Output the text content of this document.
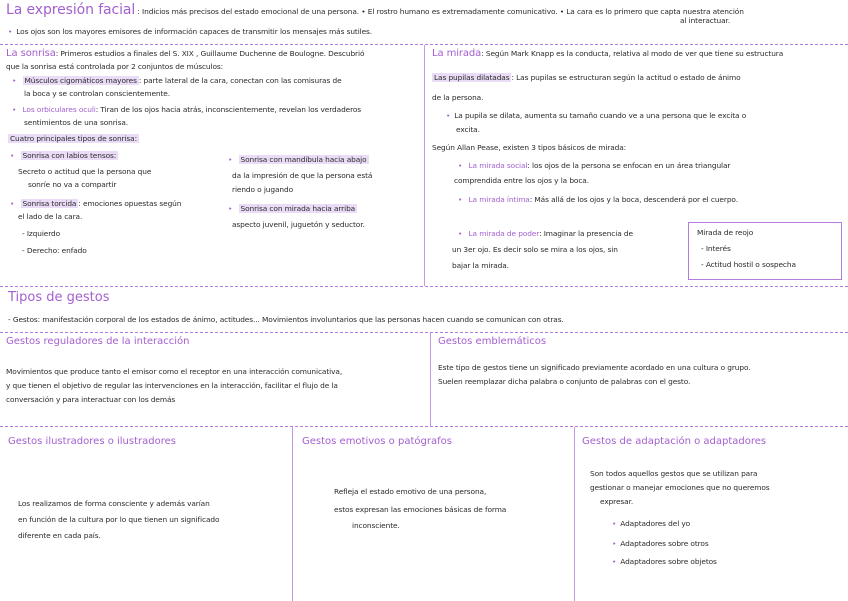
La expresión facial : Indicios más precisos del estado emocional de una persona. • El rostro humano es extremadamente comunicativo. • La cara es lo primero que capta nuestra atención
al interactuar.
• Los ojos son los mayores emisores de información capaces de transmitir los mensajes más sutiles.
La sonrisa: Primeros estudios a finales del S. XIX , Guillaume Duchenne de Boulogne. Descubrió
que la sonrisa está controlada por 2 conjuntos de músculos:
• Músculos cigomáticos mayores : parte lateral de la cara, conectan con las comisuras de
la boca y se controlan conscientemente.
• Los orbiculares oculi: Tiran de los ojos hacia atrás, inconscientemente, revelan los verdaderos
sentimientos de una sonrisa.
Cuatro principales tipos de sonrisa:
• Sonrisa con labios tensos:
Secreto o actitud que la persona que
sonríe no va a compartir
• Sonrisa torcida : emociones opuestas según
el lado de la cara.
- Izquierdo
- Derecho: enfado
• Sonrisa con mandíbula hacia abajo
da la impresión de que la persona está
riendo o jugando
• Sonrisa con mirada hacia arriba
aspecto juvenil, juguetón y seductor.
La mirada: Según Mark Knapp es la conducta, relativa al modo de ver que tiene su estructura
Las pupilas dilatadas : Las pupilas se estructuran según la actitud o estado de ánimo
de la persona.
• La pupila se dilata, aumenta su tamaño cuando ve a una persona que le excita o
excita.
Según Allan Pease, existen 3 tipos básicos de mirada:
• La mirada social: los ojos de la persona se enfocan en un área triangular
comprendida entre los ojos y la boca.
• La mirada íntima: Más allá de los ojos y la boca, descenderá por el cuerpo.
• La mirada de poder: Imaginar la presencia de
un 3er ojo. Es decir solo se mira a los ojos, sin
bajar la mirada.
Mirada de reojo
- Interés
- Actitud hostil o sospecha
Tipos de gestos
- Gestos: manifestación corporal de los estados de ánimo, actitudes... Movimientos involuntarios que las personas hacen cuando se comunican con otras.
Gestos reguladores de la interacción
Movimientos que produce tanto el emisor como el receptor en una interacción comunicativa,
y que tienen el objetivo de regular las intervenciones en la interacción, facilitar el flujo de la
conversación y para interactuar con los demás
Gestos emblemáticos
Este tipo de gestos tiene un significado previamente acordado en una cultura o grupo.
Suelen reemplazar dicha palabra o conjunto de palabras con el gesto.
Gestos ilustradores o ilustradores
Los realizamos de forma consciente y además varían
en función de la cultura por lo que tienen un significado
diferente en cada país.
Gestos emotivos o patógrafos
Refleja el estado emotivo de una persona,
estos expresan las emociones básicas de forma
inconsciente.
Gestos de adaptación o adaptadores
Son todos aquellos gestos que se utilizan para
gestionar o manejar emociones que no queremos
expresar.
• Adaptadores del yo
• Adaptadores sobre otros
• Adaptadores sobre objetos
